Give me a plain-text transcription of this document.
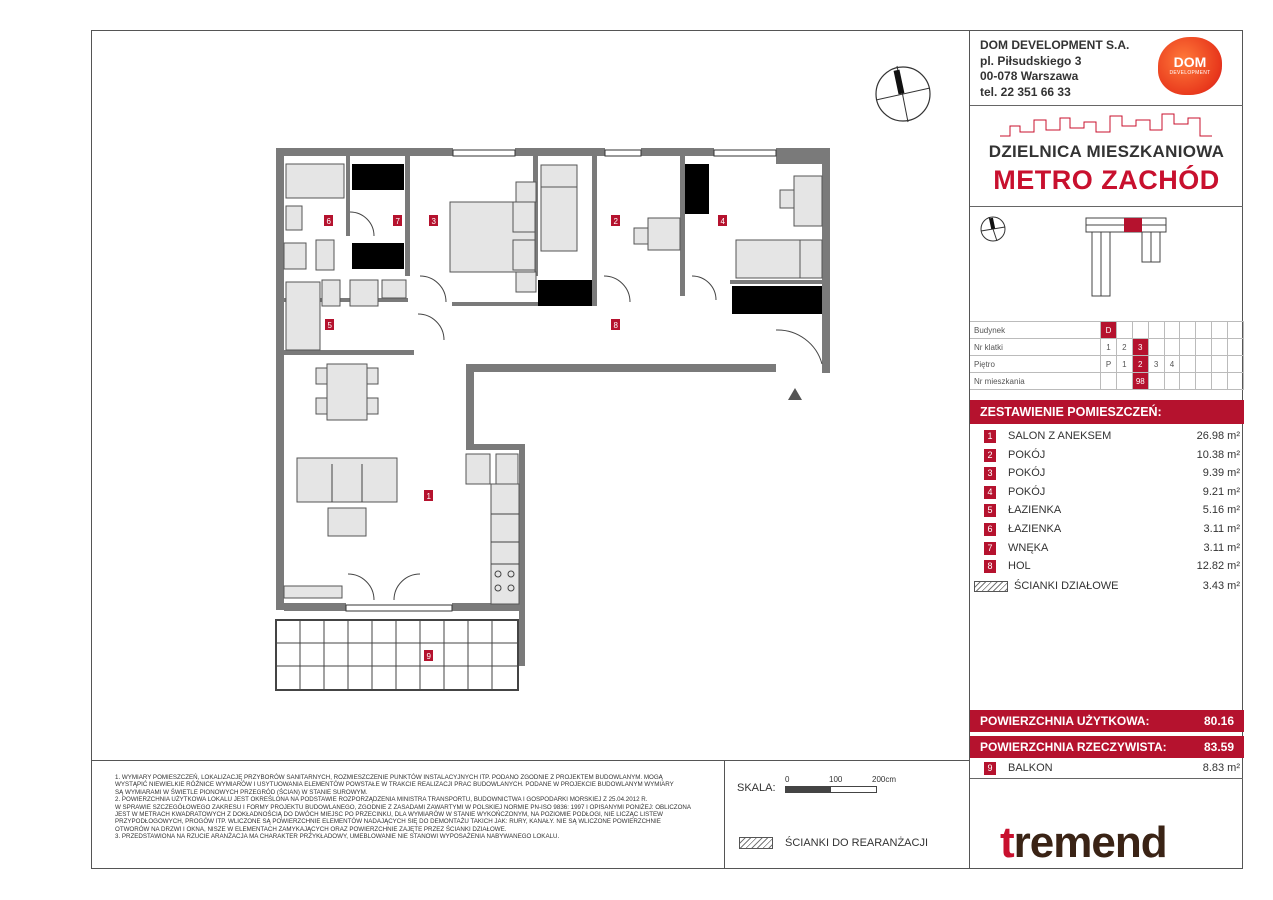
1
2
3	4
5
6	7
8
9
1. WYMIARY POMIESZCZEŃ, LOKALIZACJĘ PRZYBORÓW SANITARNYCH, ROZMIESZCZENIE PUNKTÓW INSTALACYJNYCH ITP. PODANO ZGODNIE Z PROJEKTEM BUDOWLANYM. MOGĄ
WYSTĄPIĆ NIEWIELKIE RÓŻNICE WYMIARÓW I USYTUOWANIA ELEMENTÓW POWSTAŁE W TRAKCIE REALIZACJI PRAC BUDOWLANYCH. PODANE W PROJEKCIE BUDOWLANYM WYMIARY
SĄ WYMIARAMI W ŚWIETLE PIONOWYCH PRZEGRÓD (ŚCIAN) W STANIE SUROWYM.
2. POWIERZCHNIA UŻYTKOWA LOKALU JEST OKREŚLONA NA PODSTAWIE ROZPORZĄDZENIA MINISTRA TRANSPORTU, BUDOWNICTWA I GOSPODARKI MORSKIEJ Z 25.04.2012 R.
W SPRAWIE SZCZEGÓŁOWEGO ZAKRESU I FORMY PROJEKTU BUDOWLANEGO, ZGODNIE Z ZASADAMI ZAWARTYMI W POLSKIEJ NORMIE PN-ISO 9836: 1997 I OPISANYMI PONIŻEJ: OBLICZONA
JEST W METRACH KWADRATOWYCH Z DOKŁADNOŚCIĄ DO DWÓCH MIEJSC PO PRZECINKU, DLA WYMIARÓW W STANIE WYKOŃCZONYM, NA POZIOMIE PODŁOGI, NIE LICZĄC LISTEW
PRZYPODŁOGOWYCH, PROGÓW ITP. WLICZONE SĄ POWIERZCHNIE ELEMENTÓW NADAJĄCYCH SIĘ DO DEMONTAŻU TAKICH JAK: RURY, KANAŁY. NIE SĄ WLICZONE POWIERZCHNIE
OTWORÓW NA DRZWI I OKNA, NISZE W ELEMENTACH ZAMYKAJĄCYCH ORAZ POWIERZCHNIE ZAJĘTE PRZEZ ŚCIANKI DZIAŁOWE.
3. PRZEDSTAWIONA NA RZUCIE ARANŻACJA MA CHARAKTER PRZYKŁADOWY, UMEBLOWANIE NIE STANOWI WYPOSAŻENIA NABYWANEGO LOKALU.
SKALA:
0	100	200cm
ŚCIANKI DO REARANŻACJI
DOM DEVELOPMENT S.A.
pl. Piłsudskiego 3
00-078 Warszawa
tel. 22 351 66 33
DOM
DEVELOPMENT
DZIELNICA MIESZKANIOWA
METRO ZACHÓD
Budynek	D								
Nr klatki	1	2	3						
Piętro	P	1	2	3	4				
Nr mieszkania			98						
ZESTAWIENIE POMIESZCZEŃ:
1	SALON Z ANEKSEM	26.98 m²
2	POKÓJ	10.38 m²
3	POKÓJ	9.39 m²
4	POKÓJ	9.21 m²
5	ŁAZIENKA	5.16 m²
6	ŁAZIENKA	3.11 m²
7	WNĘKA	3.11 m²
8	HOL	12.82 m²
ŚCIANKI DZIAŁOWE	3.43 m²
POWIERZCHNIA UŻYTKOWA:	80.16
POWIERZCHNIA RZECZYWISTA:	83.59
9	BALKON	8.83 m²
tremend
